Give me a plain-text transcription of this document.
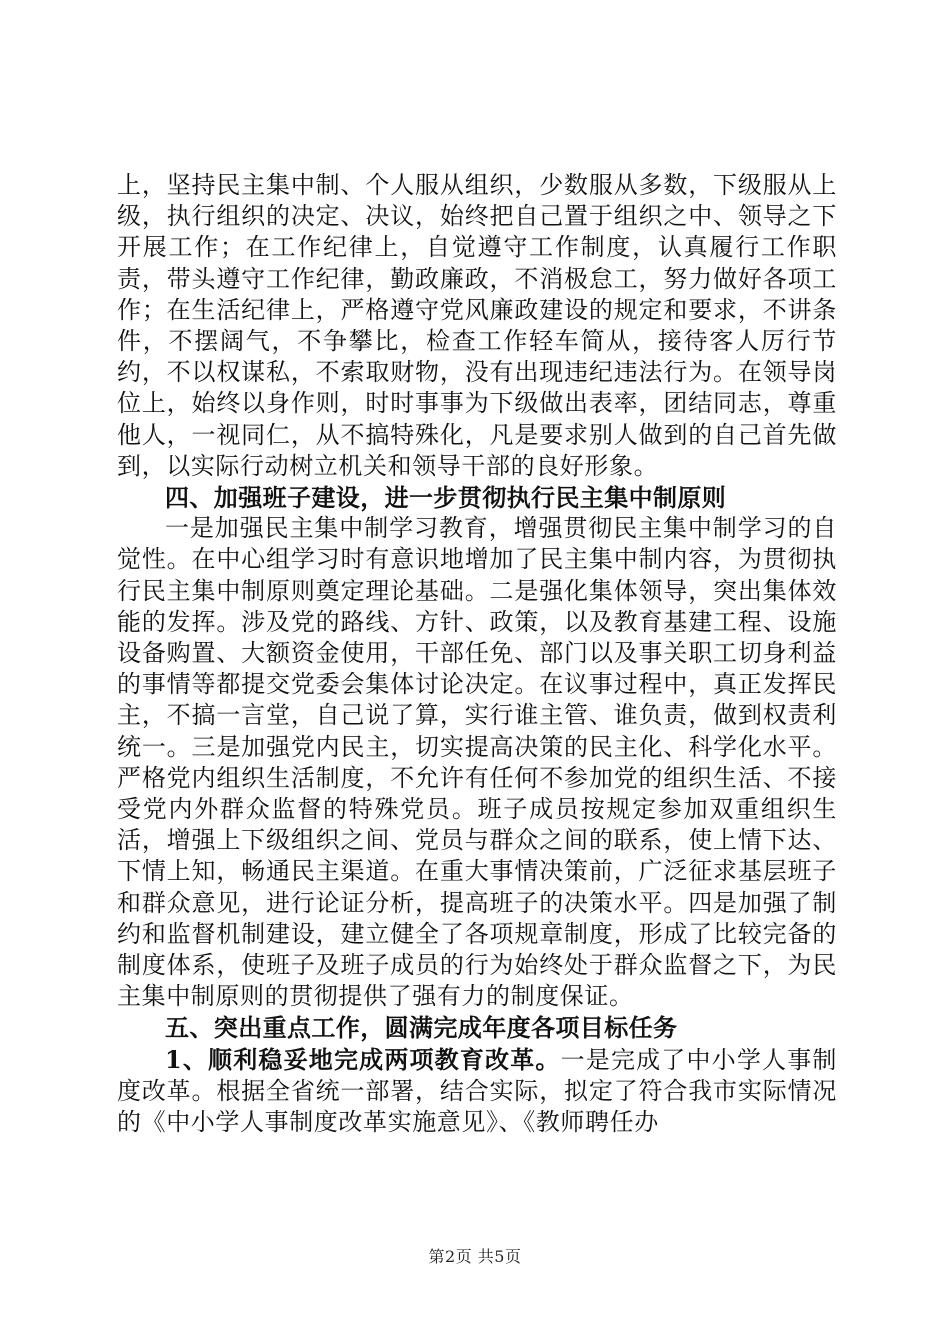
上，坚持民主集中制、个人服从组织，少数服从多数，下级服从上级，执行组织的决定、决议，始终把自己置于组织之中、领导之下开展工作；在工作纪律上，自觉遵守工作制度，认真履行工作职责，带头遵守工作纪律，勤政廉政，不消极怠工，努力做好各项工作；在生活纪律上，严格遵守党风廉政建设的规定和要求，不讲条件，不摆阔气，不争攀比，检查工作轻车简从，接待客人厉行节约，不以权谋私，不索取财物，没有出现违纪违法行为。在领导岗位上，始终以身作则，时时事事为下级做出表率，团结同志，尊重他人，一视同仁，从不搞特殊化，凡是要求别人做到的自己首先做到，以实际行动树立机关和领导干部的良好形象。

四、加强班子建设，进一步贯彻执行民主集中制原则

一是加强民主集中制学习教育，增强贯彻民主集中制学习的自觉性。在中心组学习时有意识地增加了民主集中制内容，为贯彻执行民主集中制原则奠定理论基础。二是强化集体领导，突出集体效能的发挥。涉及党的路线、方针、政策，以及教育基建工程、设施设备购置、大额资金使用，干部任免、部门以及事关职工切身利益的事情等都提交党委会集体讨论决定。在议事过程中，真正发挥民主，不搞一言堂，自己说了算，实行谁主管、谁负责，做到权责利统一。三是加强党内民主，切实提高决策的民主化、科学化水平。严格党内组织生活制度，不允许有任何不参加党的组织生活、不接受党内外群众监督的特殊党员。班子成员按规定参加双重组织生活，增强上下级组织之间、党员与群众之间的联系，使上情下达、下情上知，畅通民主渠道。在重大事情决策前，广泛征求基层班子和群众意见，进行论证分析，提高班子的决策水平。四是加强了制约和监督机制建设，建立健全了各项规章制度，形成了比较完备的制度体系，使班子及班子成员的行为始终处于群众监督之下，为民主集中制原则的贯彻提供了强有力的制度保证。

五、突出重点工作，圆满完成年度各项目标任务

1、顺利稳妥地完成两项教育改革。一是完成了中小学人事制度改革。根据全省统一部署，结合实际，拟定了符合我市实际情况的《中小学人事制度改革实施意见》、《教师聘任办

第2页 共5页
